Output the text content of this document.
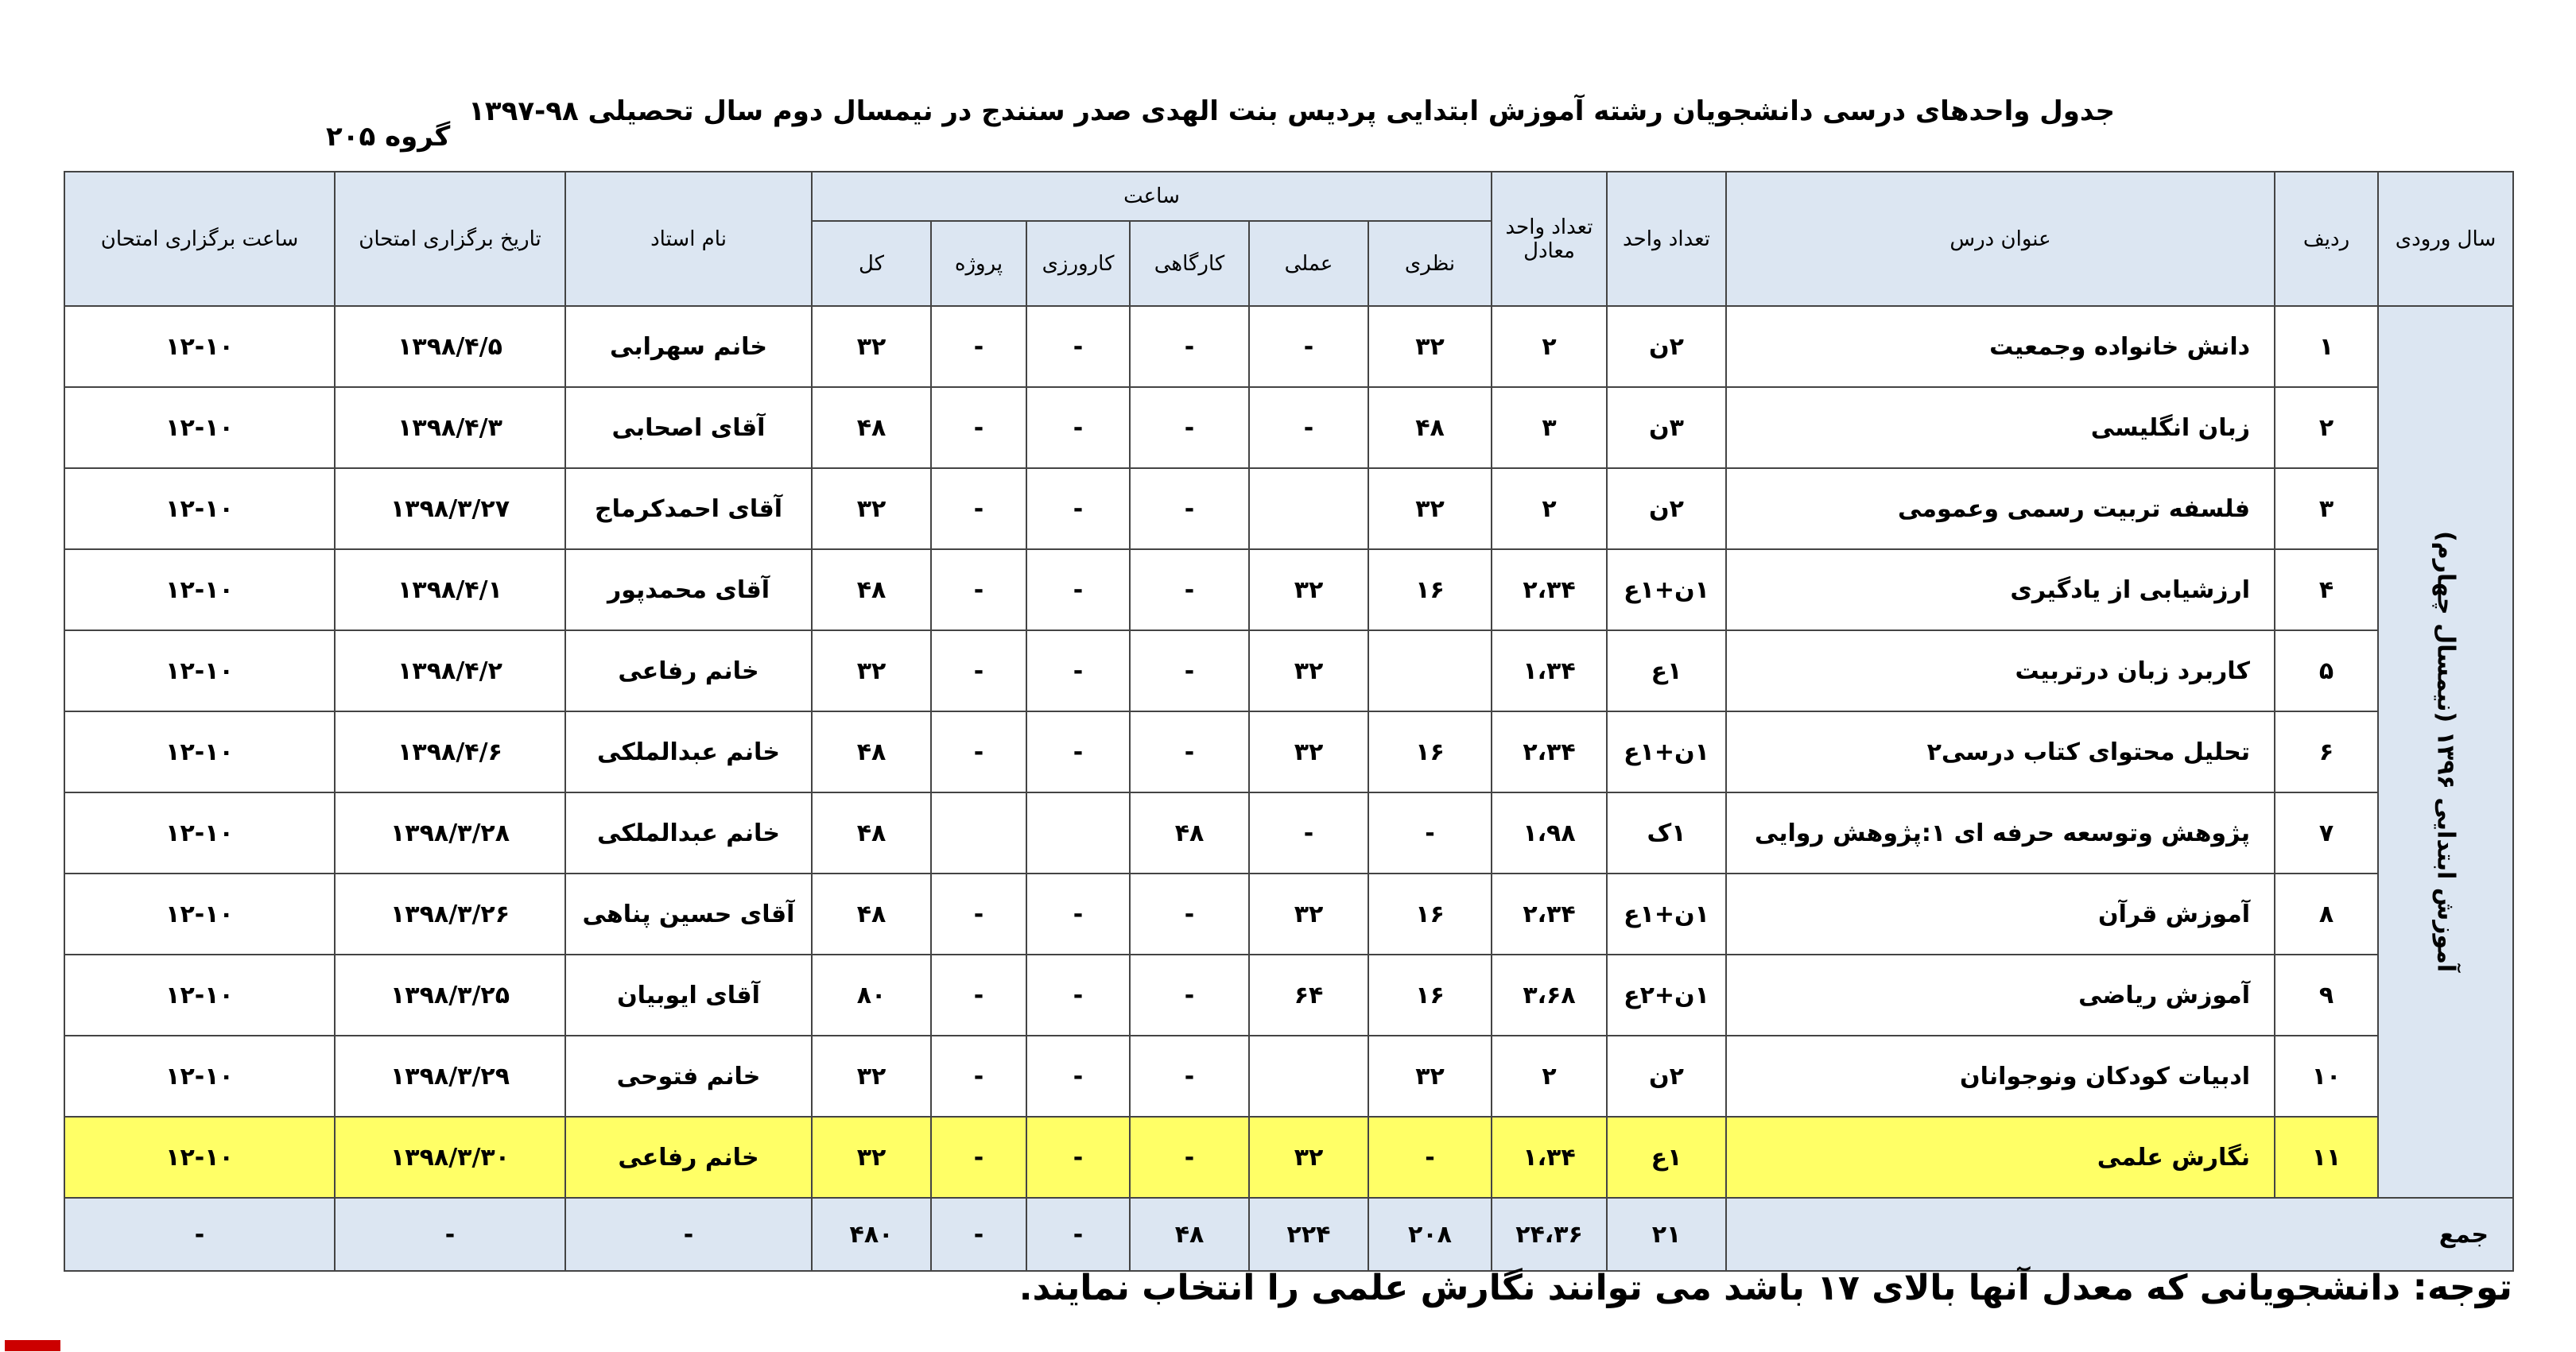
جدول واحدهای درسی دانشجویان رشته آموزش ابتدایی پردیس بنت الهدی صدر سنندج در نیمسال دوم سال تحصیلی ۹۸-۱۳۹۷
گروه ۲۰۵
سال ورودی	ردیف	عنوان درس	تعداد واحد	تعداد واحد معادل	ساعت						نام استاد	تاریخ برگزاری امتحان	ساعت برگزاری امتحان
					نظری	عملی	کارگاهی	کارورزی	پروژه	کل			
آموزش ابتدایی ۱۳۹۶ (نیمسال چهارم)	۱	دانش خانواده وجمعیت	۲ن	۲	۳۲	-	-	-	-	۳۲	خانم سهرابی	۱۳۹۸/۴/۵	۱۲-۱۰
	۲	زبان انگلیسی	۳ن	۳	۴۸	-	-	-	-	۴۸	آقای اصحابی	۱۳۹۸/۴/۳	۱۲-۱۰
	۳	فلسفه تربیت رسمی وعمومی	۲ن	۲	۳۲		-	-	-	۳۲	آقای احمدکرماج	۱۳۹۸/۳/۲۷	۱۲-۱۰
	۴	ارزشیابی از یادگیری	۱ن+۱ع	۲،۳۴	۱۶	۳۲	-	-	-	۴۸	آقای محمدپور	۱۳۹۸/۴/۱	۱۲-۱۰
	۵	کاربرد زبان درتربیت	۱ع	۱،۳۴		۳۲	-	-	-	۳۲	خانم رفاعی	۱۳۹۸/۴/۲	۱۲-۱۰
	۶	تحلیل محتوای کتاب درسی۲	۱ن+۱ع	۲،۳۴	۱۶	۳۲	-	-	-	۴۸	خانم عبدالملکی	۱۳۹۸/۴/۶	۱۲-۱۰
	۷	پژوهش وتوسعه حرفه ای ۱:پژوهش روایی	۱ک	۱،۹۸	-	-	۴۸			۴۸	خانم عبدالملکی	۱۳۹۸/۳/۲۸	۱۲-۱۰
	۸	آموزش قرآن	۱ن+۱ع	۲،۳۴	۱۶	۳۲	-	-	-	۴۸	آقای حسین پناهی	۱۳۹۸/۳/۲۶	۱۲-۱۰
	۹	آموزش ریاضی	۱ن+۲ع	۳،۶۸	۱۶	۶۴	-	-	-	۸۰	آقای ایوبیان	۱۳۹۸/۳/۲۵	۱۲-۱۰
	۱۰	ادبیات کودکان ونوجوانان	۲ن	۲	۳۲		-	-	-	۳۲	خانم فتوحی	۱۳۹۸/۳/۲۹	۱۲-۱۰
	۱۱	نگارش علمی	۱ع	۱،۳۴	-	۳۲	-	-	-	۳۲	خانم رفاعی	۱۳۹۸/۳/۳۰	۱۲-۱۰
جمع			۲۱	۲۴،۳۶	۲۰۸	۲۲۴	۴۸	-	-	۴۸۰	-	-	-
توجه: دانشجویانی که معدل آنها بالای ۱۷ باشد می توانند نگارش علمی را انتخاب نمایند.
